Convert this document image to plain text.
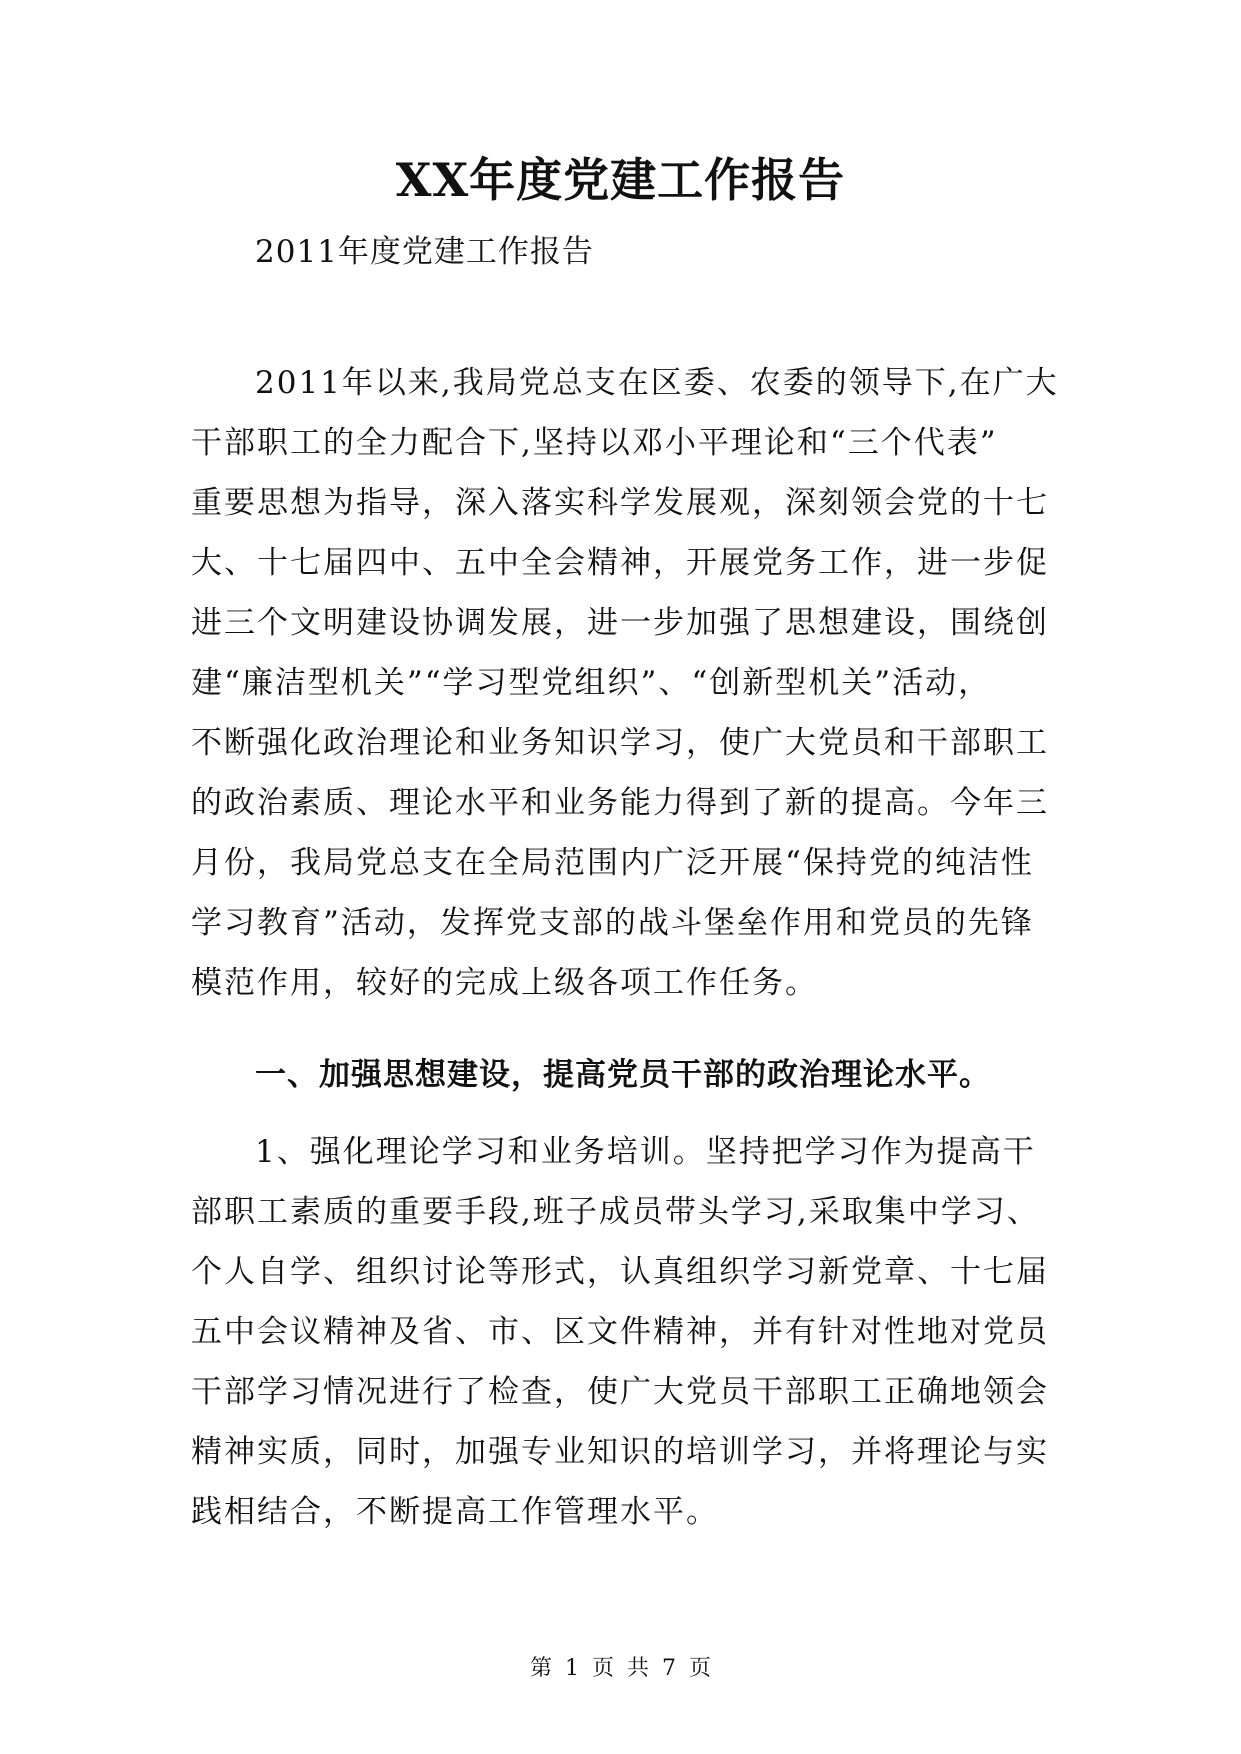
XX年度党建工作报告
2011年度党建工作报告
2011年以来,我局党总支在区委、农委的领导下,在广大
干部职工的全力配合下,坚持以邓小平理论和“三个代表”
重要思想为指导，深入落实科学发展观，深刻领会党的十七
大、十七届四中、五中全会精神，开展党务工作，进一步促
进三个文明建设协调发展，进一步加强了思想建设，围绕创
建“廉洁型机关”“学习型党组织”、“创新型机关”活动，
不断强化政治理论和业务知识学习，使广大党员和干部职工
的政治素质、理论水平和业务能力得到了新的提高。今年三
月份，我局党总支在全局范围内广泛开展“保持党的纯洁性
学习教育”活动，发挥党支部的战斗堡垒作用和党员的先锋
模范作用，较好的完成上级各项工作任务。
一、加强思想建设，提高党员干部的政治理论水平。
1、强化理论学习和业务培训。坚持把学习作为提高干
部职工素质的重要手段,班子成员带头学习,采取集中学习、
个人自学、组织讨论等形式，认真组织学习新党章、十七届
五中会议精神及省、市、区文件精神，并有针对性地对党员
干部学习情况进行了检查，使广大党员干部职工正确地领会
精神实质，同时，加强专业知识的培训学习，并将理论与实
践相结合，不断提高工作管理水平。
第 1 页 共 7 页
